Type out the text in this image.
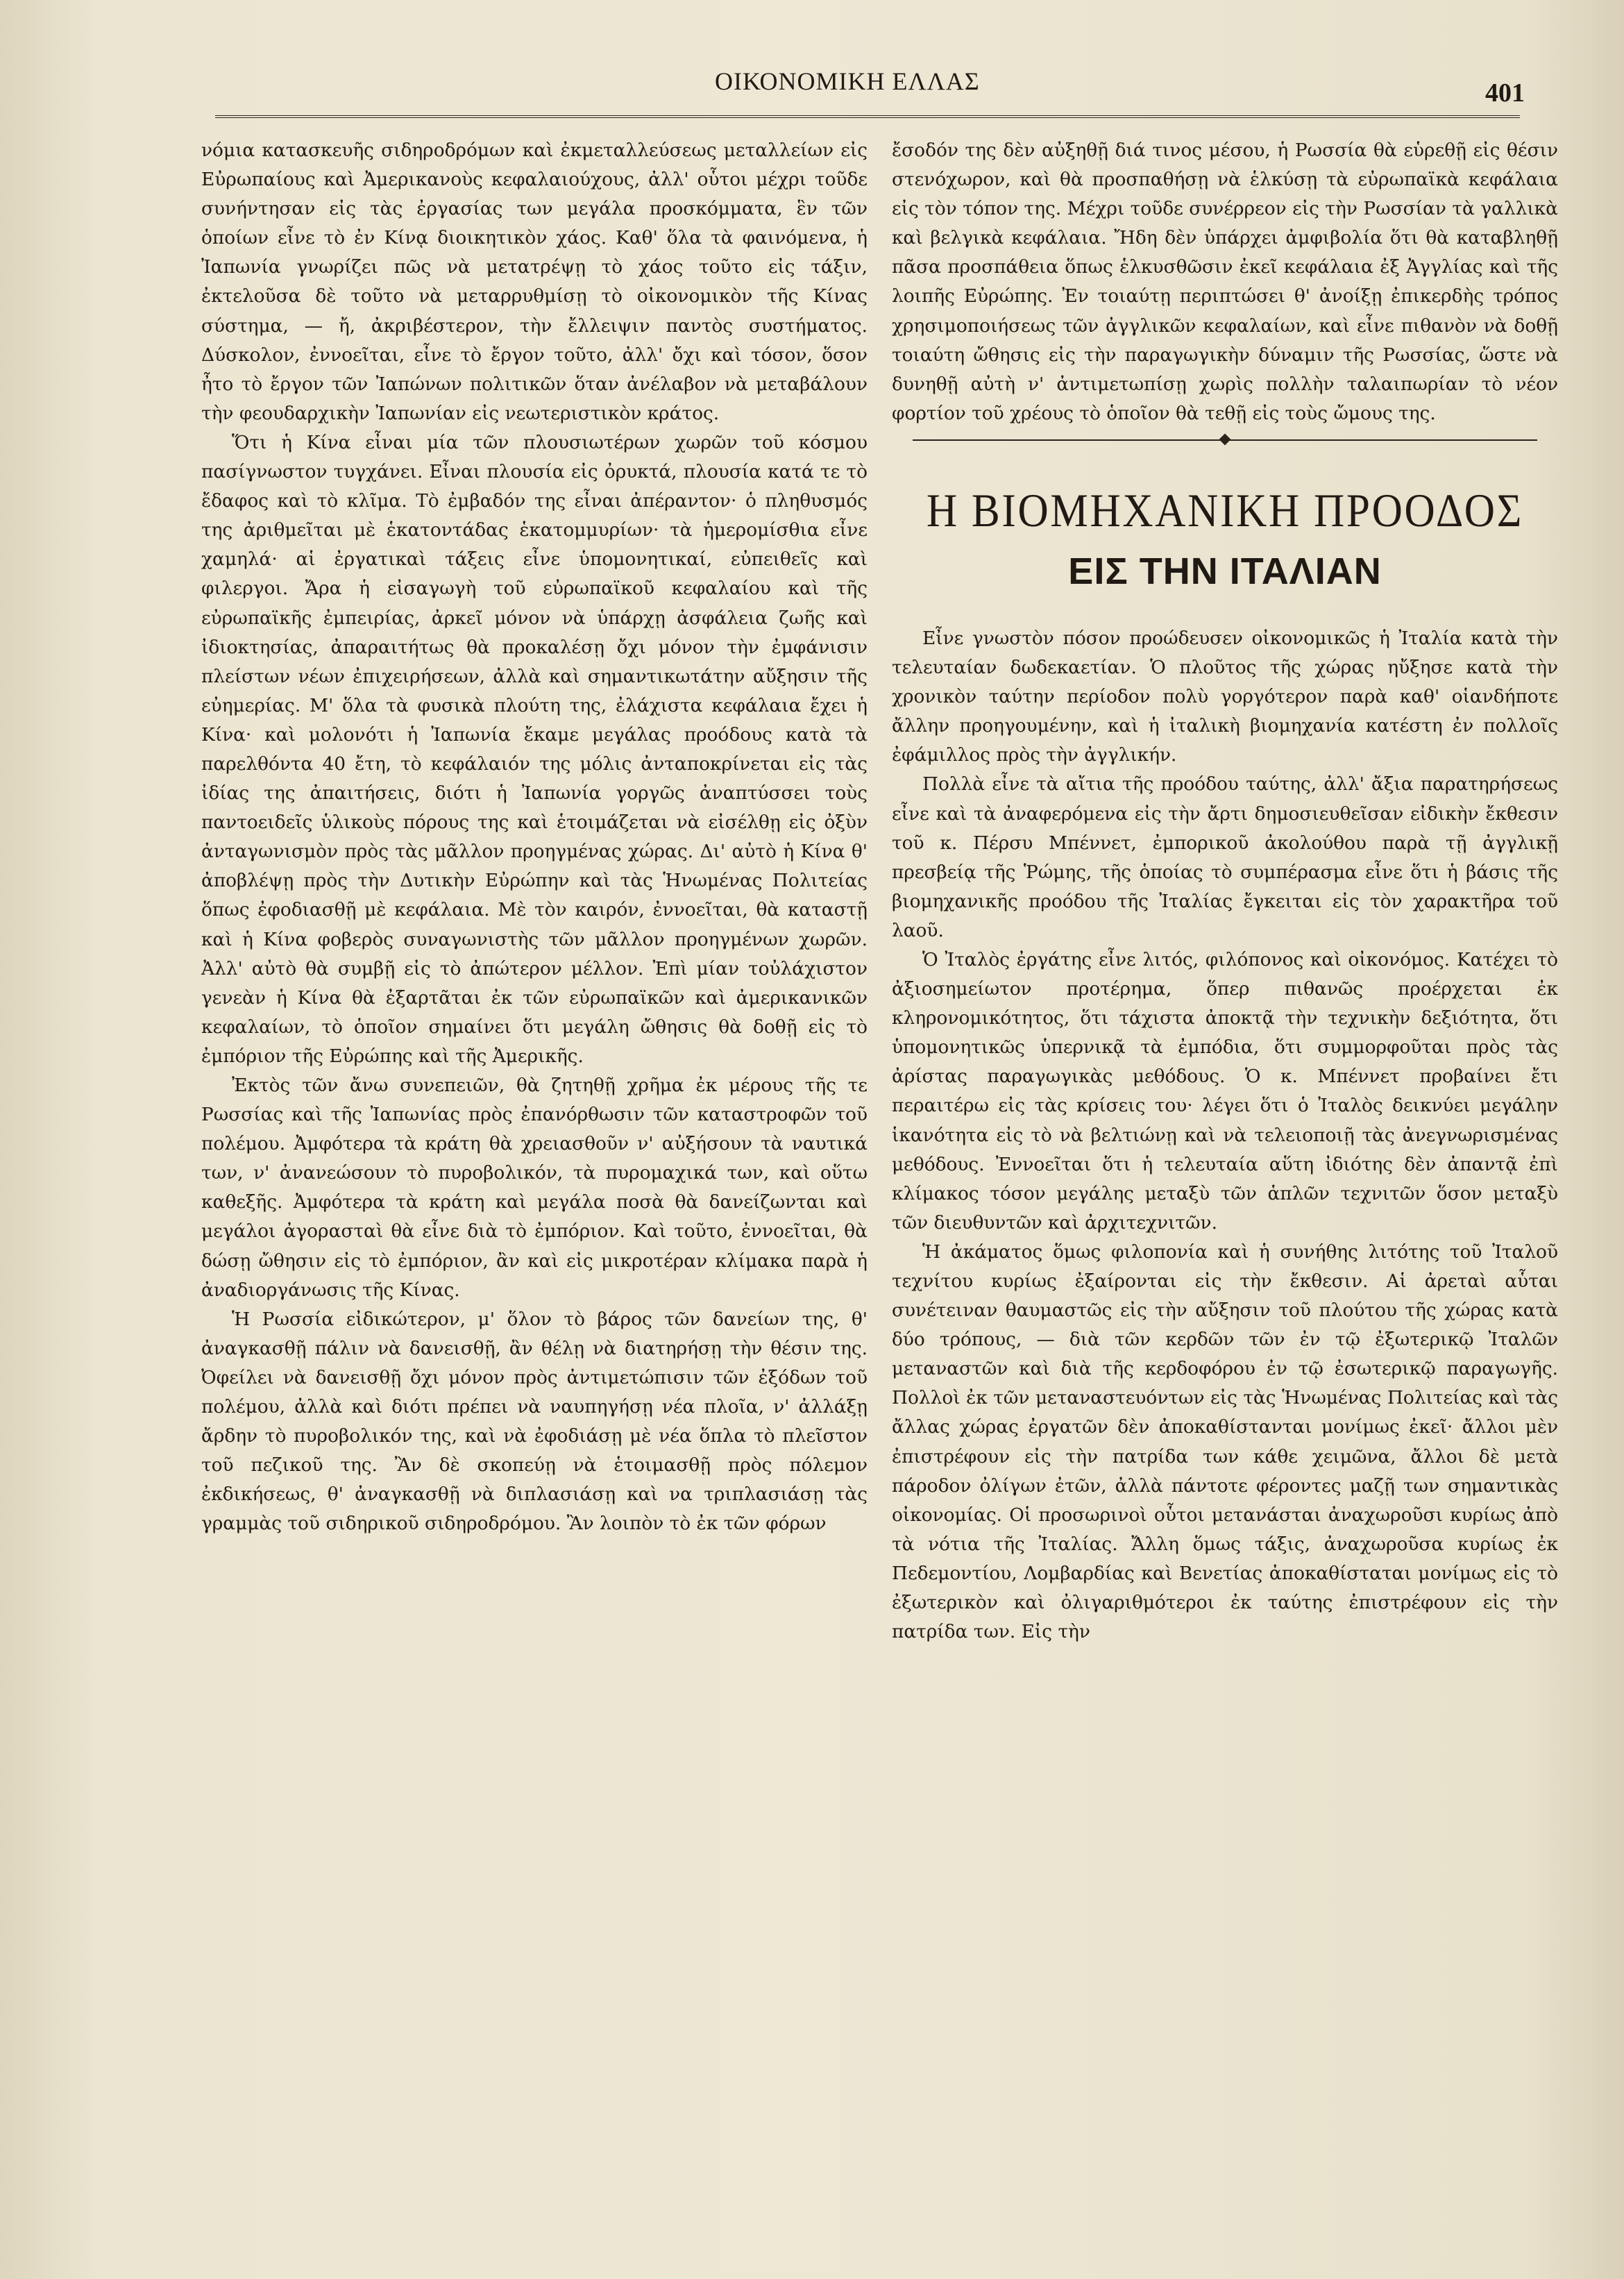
ΟΙΚΟΝΟΜΙΚΗ ΕΛΛΑΣ	401

νόμια κατασκευῆς σιδηροδρόμων καὶ ἐκμεταλλεύσεως μεταλλείων εἰς Εὐρωπαίους καὶ Ἀμερικανοὺς κεφαλαιούχους, ἀλλ' οὗτοι μέχρι τοῦδε συνήντησαν εἰς τὰς ἐργασίας των μεγάλα προσκόμματα, ἓν τῶν ὁποίων εἶνε τὸ ἐν Κίνᾳ διοικητικὸν χάος. Καθ' ὅλα τὰ φαινόμενα, ἡ Ἰαπωνία γνωρίζει πῶς νὰ μετατρέψῃ τὸ χάος τοῦτο εἰς τάξιν, ἐκτελοῦσα δὲ τοῦτο νὰ μεταρρυθμίσῃ τὸ οἰκονομικὸν τῆς Κίνας σύστημα, — ἤ, ἀκριβέστερον, τὴν ἔλλειψιν παντὸς συστήματος. Δύσκολον, ἐννοεῖται, εἶνε τὸ ἔργον τοῦτο, ἀλλ' ὄχι καὶ τόσον, ὅσον ἦτο τὸ ἔργον τῶν Ἰαπώνων πολιτικῶν ὅταν ἀνέλαβον νὰ μεταβάλουν τὴν φεουδαρχικὴν Ἰαπωνίαν εἰς νεωτεριστικὸν κράτος.

Ὅτι ἡ Κίνα εἶναι μία τῶν πλουσιωτέρων χωρῶν τοῦ κόσμου πασίγνωστον τυγχάνει. Εἶναι πλουσία εἰς ὀρυκτά, πλουσία κατά τε τὸ ἔδαφος καὶ τὸ κλῖμα. Τὸ ἐμβαδόν της εἶναι ἀπέραντον· ὁ πληθυσμός της ἀριθμεῖται μὲ ἑκατοντάδας ἑκατομμυρίων· τὰ ἡμερομίσθια εἶνε χαμηλά· αἱ ἐργατικαὶ τάξεις εἶνε ὑπομονητικαί, εὐπειθεῖς καὶ φιλεργοι. Ἄρα ἡ εἰσαγωγὴ τοῦ εὐρωπαϊκοῦ κεφαλαίου καὶ τῆς εὐρωπαϊκῆς ἐμπειρίας, ἀρκεῖ μόνον νὰ ὑπάρχῃ ἀσφάλεια ζωῆς καὶ ἰδιοκτησίας, ἀπαραιτήτως θὰ προκαλέσῃ ὄχι μόνον τὴν ἐμφάνισιν πλείστων νέων ἐπιχειρήσεων, ἀλλὰ καὶ σημαντικωτάτην αὔξησιν τῆς εὐημερίας. Μ' ὅλα τὰ φυσικὰ πλούτη της, ἐλάχιστα κεφάλαια ἔχει ἡ Κίνα· καὶ μολονότι ἡ Ἰαπωνία ἔκαμε μεγάλας προόδους κατὰ τὰ παρελθόντα 40 ἔτη, τὸ κεφάλαιόν της μόλις ἀνταποκρίνεται εἰς τὰς ἰδίας της ἀπαιτήσεις, διότι ἡ Ἰαπωνία γοργῶς ἀναπτύσσει τοὺς παντοειδεῖς ὑλικοὺς πόρους της καὶ ἑτοιμάζεται νὰ εἰσέλθῃ εἰς ὀξὺν ἀνταγωνισμὸν πρὸς τὰς μᾶλλον προηγμένας χώρας. Δι' αὐτὸ ἡ Κίνα θ' ἀποβλέψῃ πρὸς τὴν Δυτικὴν Εὐρώπην καὶ τὰς Ἡνωμένας Πολιτείας ὅπως ἐφοδιασθῇ μὲ κεφάλαια. Μὲ τὸν καιρόν, ἐννοεῖται, θὰ καταστῇ καὶ ἡ Κίνα φοβερὸς συναγωνιστὴς τῶν μᾶλλον προηγμένων χωρῶν. Ἀλλ' αὐτὸ θὰ συμβῇ εἰς τὸ ἀπώτερον μέλλον. Ἐπὶ μίαν τοὐλάχιστον γενεὰν ἡ Κίνα θὰ ἐξαρτᾶται ἐκ τῶν εὐρωπαϊκῶν καὶ ἀμερικανικῶν κεφαλαίων, τὸ ὁποῖον σημαίνει ὅτι μεγάλη ὤθησις θὰ δοθῇ εἰς τὸ ἐμπόριον τῆς Εὐρώπης καὶ τῆς Ἀμερικῆς.

Ἐκτὸς τῶν ἄνω συνεπειῶν, θὰ ζητηθῇ χρῆμα ἐκ μέρους τῆς τε Ρωσσίας καὶ τῆς Ἰαπωνίας πρὸς ἐπανόρθωσιν τῶν καταστροφῶν τοῦ πολέμου. Ἀμφότερα τὰ κράτη θὰ χρειασθοῦν ν' αὐξήσουν τὰ ναυτικά των, ν' ἀνανεώσουν τὸ πυροβολικόν, τὰ πυρομαχικά των, καὶ οὕτω καθεξῆς. Ἀμφότερα τὰ κράτη καὶ μεγάλα ποσὰ θὰ δανείζωνται καὶ μεγάλοι ἀγορασταὶ θὰ εἶνε διὰ τὸ ἐμπόριον. Καὶ τοῦτο, ἐννοεῖται, θὰ δώσῃ ὤθησιν εἰς τὸ ἐμπόριον, ἂν καὶ εἰς μικροτέραν κλίμακα παρὰ ἡ ἀναδιοργάνωσις τῆς Κίνας.

Ἡ Ρωσσία εἰδικώτερον, μ' ὅλον τὸ βάρος τῶν δανείων της, θ' ἀναγκασθῇ πάλιν νὰ δανεισθῇ, ἂν θέλῃ νὰ διατηρήσῃ τὴν θέσιν της. Ὀφείλει νὰ δανεισθῇ ὄχι μόνον πρὸς ἀντιμετώπισιν τῶν ἐξόδων τοῦ πολέμου, ἀλλὰ καὶ διότι πρέπει νὰ ναυπηγήσῃ νέα πλοῖα, ν' ἀλλάξῃ ἄρδην τὸ πυροβολικόν της, καὶ νὰ ἐφοδιάσῃ μὲ νέα ὅπλα τὸ πλεῖστον τοῦ πεζικοῦ της. Ἂν δὲ σκοπεύῃ νὰ ἑτοιμασθῇ πρὸς πόλεμον ἐκδικήσεως, θ' ἀναγκασθῇ νὰ διπλασιάσῃ καὶ να τριπλασιάσῃ τὰς γραμμὰς τοῦ σιδηρικοῦ σιδηροδρόμου. Ἂν λοιπὸν τὸ ἐκ τῶν φόρων

ἔσοδόν της δὲν αὐξηθῇ διά τινος μέσου, ἡ Ρωσσία θὰ εὑρεθῇ εἰς θέσιν στενόχωρον, καὶ θὰ προσπαθήσῃ νὰ ἑλκύσῃ τὰ εὐρωπαϊκὰ κεφάλαια εἰς τὸν τόπον της. Μέχρι τοῦδε συνέρρεον εἰς τὴν Ρωσσίαν τὰ γαλλικὰ καὶ βελγικὰ κεφάλαια. Ἤδη δὲν ὑπάρχει ἀμφιβολία ὅτι θὰ καταβληθῇ πᾶσα προσπάθεια ὅπως ἑλκυσθῶσιν ἐκεῖ κεφάλαια ἐξ Ἀγγλίας καὶ τῆς λοιπῆς Εὐρώπης. Ἐν τοιαύτῃ περιπτώσει θ' ἀνοίξῃ ἐπικερδὴς τρόπος χρησιμοποιήσεως τῶν ἀγγλικῶν κεφαλαίων, καὶ εἶνε πιθανὸν νὰ δοθῇ τοιαύτη ὤθησις εἰς τὴν παραγωγικὴν δύναμιν τῆς Ρωσσίας, ὥστε νὰ δυνηθῇ αὐτὴ ν' ἀντιμετωπίσῃ χωρὶς πολλὴν ταλαιπωρίαν τὸ νέον φορτίον τοῦ χρέους τὸ ὁποῖον θὰ τεθῇ εἰς τοὺς ὤμους της.

Η ΒΙΟΜΗΧΑΝΙΚΗ ΠΡΟΟΔΟΣ
ΕΙΣ ΤΗΝ ΙΤΑΛΙΑΝ

Εἶνε γνωστὸν πόσον προώδευσεν οἰκονομικῶς ἡ Ἰταλία κατὰ τὴν τελευταίαν δωδεκαετίαν. Ὁ πλοῦτος τῆς χώρας ηὔξησε κατὰ τὴν χρονικὸν ταύτην περίοδον πολὺ γοργότερον παρὰ καθ' οἱανδήποτε ἄλλην προηγουμένην, καὶ ἡ ἰταλικὴ βιομηχανία κατέστη ἐν πολλοῖς ἐφάμιλλος πρὸς τὴν ἀγγλικήν.

Πολλὰ εἶνε τὰ αἴτια τῆς προόδου ταύτης, ἀλλ' ἄξια παρατηρήσεως εἶνε καὶ τὰ ἀναφερόμενα εἰς τὴν ἄρτι δημοσιευθεῖσαν εἰδικὴν ἔκθεσιν τοῦ κ. Πέρσυ Μπέννετ, ἐμπορικοῦ ἀκολούθου παρὰ τῇ ἀγγλικῇ πρεσβείᾳ τῆς Ῥώμης, τῆς ὁποίας τὸ συμπέρασμα εἶνε ὅτι ἡ βάσις τῆς βιομηχανικῆς προόδου τῆς Ἰταλίας ἔγκειται εἰς τὸν χαρακτῆρα τοῦ λαοῦ.

Ὁ Ἰταλὸς ἐργάτης εἶνε λιτός, φιλόπονος καὶ οἰκονόμος. Κατέχει τὸ ἀξιοσημείωτον προτέρημα, ὅπερ πιθανῶς προέρχεται ἐκ κληρονομικότητος, ὅτι τάχιστα ἀποκτᾷ τὴν τεχνικὴν δεξιότητα, ὅτι ὑπομονητικῶς ὑπερνικᾷ τὰ ἐμπόδια, ὅτι συμμορφοῦται πρὸς τὰς ἀρίστας παραγωγικὰς μεθόδους. Ὁ κ. Μπέννετ προβαίνει ἔτι περαιτέρω εἰς τὰς κρίσεις του· λέγει ὅτι ὁ Ἰταλὸς δεικνύει μεγάλην ἱκανότητα εἰς τὸ νὰ βελτιώνῃ καὶ νὰ τελειοποιῇ τὰς ἀνεγνωρισμένας μεθόδους. Ἐννοεῖται ὅτι ἡ τελευταία αὕτη ἰδιότης δὲν ἀπαντᾷ ἐπὶ κλίμακος τόσον μεγάλης μεταξὺ τῶν ἁπλῶν τεχνιτῶν ὅσον μεταξὺ τῶν διευθυντῶν καὶ ἀρχιτεχνιτῶν.

Ἡ ἀκάματος ὅμως φιλοπονία καὶ ἡ συνήθης λιτότης τοῦ Ἰταλοῦ τεχνίτου κυρίως ἐξαίρονται εἰς τὴν ἔκθεσιν. Αἱ ἀρεταὶ αὗται συνέτειναν θαυμαστῶς εἰς τὴν αὔξησιν τοῦ πλούτου τῆς χώρας κατὰ δύο τρόπους, — διὰ τῶν κερδῶν τῶν ἐν τῷ ἐξωτερικῷ Ἰταλῶν μεταναστῶν καὶ διὰ τῆς κερδοφόρου ἐν τῷ ἐσωτερικῷ παραγωγῆς. Πολλοὶ ἐκ τῶν μεταναστευόντων εἰς τὰς Ἡνωμένας Πολιτείας καὶ τὰς ἄλλας χώρας ἐργατῶν δὲν ἀποκαθίστανται μονίμως ἐκεῖ· ἄλλοι μὲν ἐπιστρέφουν εἰς τὴν πατρίδα των κάθε χειμῶνα, ἄλλοι δὲ μετὰ πάροδον ὀλίγων ἐτῶν, ἀλλὰ πάντοτε φέροντες μαζῇ των σημαντικὰς οἰκονομίας. Οἱ προσωρινοὶ οὗτοι μετανάσται ἀναχωροῦσι κυρίως ἀπὸ τὰ νότια τῆς Ἰταλίας. Ἄλλη ὅμως τάξις, ἀναχωροῦσα κυρίως ἐκ Πεδεμοντίου, Λομβαρδίας καὶ Βενετίας ἀποκαθίσταται μονίμως εἰς τὸ ἐξωτερικὸν καὶ ὀλιγαριθμότεροι ἐκ ταύτης ἐπιστρέφουν εἰς τὴν πατρίδα των. Εἰς τὴν
